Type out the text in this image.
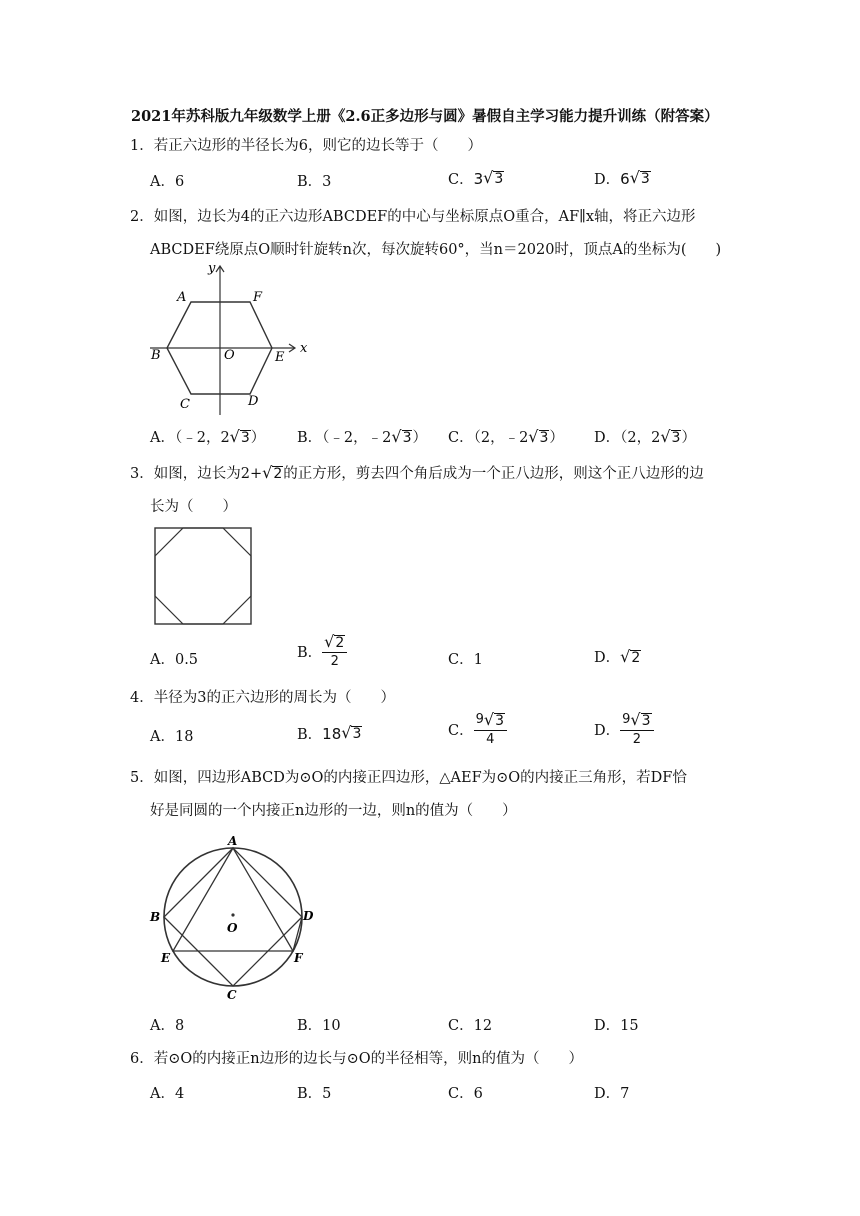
2021年苏科版九年级数学上册《2.6正多边形与圆》暑假自主学习能力提升训练（附答案）
1．若正六边形的半径长为6，则它的边长等于（　　）
A．6	B．3	C． 3 √ 3	D． 6 √ 3
2．如图，边长为4的正六边形ABCDEF的中心与坐标原点O重合，AF∥x轴，将正六边形
ABCDEF绕原点O顺时针旋转n次，每次旋转60°，当n＝2020时，顶点A的坐标为(　　)
y
x
A	F
B	O	E
C	D
A．（﹣2，2 √ 3 ） B．（﹣2，﹣2 √ 3 ） C．（2，﹣2 √ 3 ） D．（2，2 √ 3 ）
3．如图，边长为2+ √ 2 的正方形，剪去四个角后成为一个正八边形，则这个正八边形的边
长为（　　）
A．0.5	B． $\frac{√ 2}{2}$	C．1	D． √ 2
4．半径为3的正六边形的周长为（　　）
A．18	B． 18 √ 3	C． $\frac{9 √ 3}{4}$	D． $\frac{9 √ 3}{2}$
5．如图，四边形ABCD为⊙O的内接正四边形，△AEF为⊙O的内接正三角形，若DF恰
好是同圆的一个内接正n边形的一边，则n的值为（　　）
A
B	D
O
E	F
C
A．8	B．10	C．12	D．15
6．若⊙O的内接正n边形的边长与⊙O的半径相等，则n的值为（　　）
A．4	B．5	C．6	D．7
